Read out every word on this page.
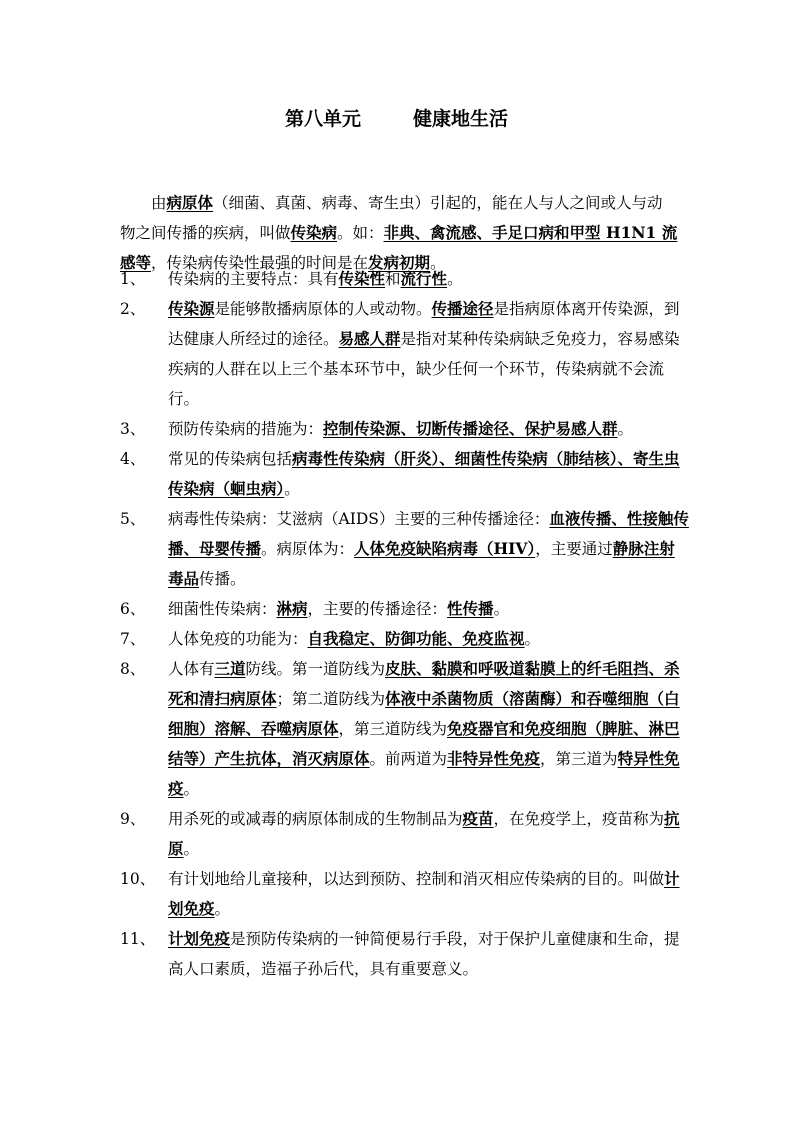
第八单元	健康地生活

由病原体（细菌、真菌、病毒、寄生虫）引起的，能在人与人之间或人与动物之间传播的疾病，叫做传染病。如：非典、禽流感、手足口病和甲型 H1N1 流感等，传染病传染性最强的时间是在发病初期。

1、	传染病的主要特点：具有传染性和流行性。
2、	传染源是能够散播病原体的人或动物。传播途径是指病原体离开传染源，到达健康人所经过的途径。易感人群是指对某种传染病缺乏免疫力，容易感染疾病的人群在以上三个基本环节中，缺少任何一个环节，传染病就不会流行。
3、	预防传染病的措施为：控制传染源、切断传播途径、保护易感人群。
4、	常见的传染病包括病毒性传染病（肝炎）、细菌性传染病（肺结核）、寄生虫传染病（蛔虫病）。
5、	病毒性传染病：艾滋病（AIDS）主要的三种传播途径：血液传播、性接触传播、母婴传播。病原体为：人体免疫缺陷病毒（HIV），主要通过静脉注射毒品传播。
6、	细菌性传染病：淋病，主要的传播途径：性传播。
7、	人体免疫的功能为：自我稳定、防御功能、免疫监视。
8、	人体有三道防线。第一道防线为皮肤、黏膜和呼吸道黏膜上的纤毛阻挡、杀死和清扫病原体；第二道防线为体液中杀菌物质（溶菌酶）和吞噬细胞（白细胞）溶解、吞噬病原体，第三道防线为免疫器官和免疫细胞（脾脏、淋巴结等）产生抗体，消灭病原体。前两道为非特异性免疫，第三道为特异性免疫。
9、	用杀死的或减毒的病原体制成的生物制品为疫苗，在免疫学上，疫苗称为抗原。
10、 有计划地给儿童接种，以达到预防、控制和消灭相应传染病的目的。叫做计划免疫。
11、 计划免疫是预防传染病的一钟简便易行手段，对于保护儿童健康和生命，提高人口素质，造福子孙后代，具有重要意义。
